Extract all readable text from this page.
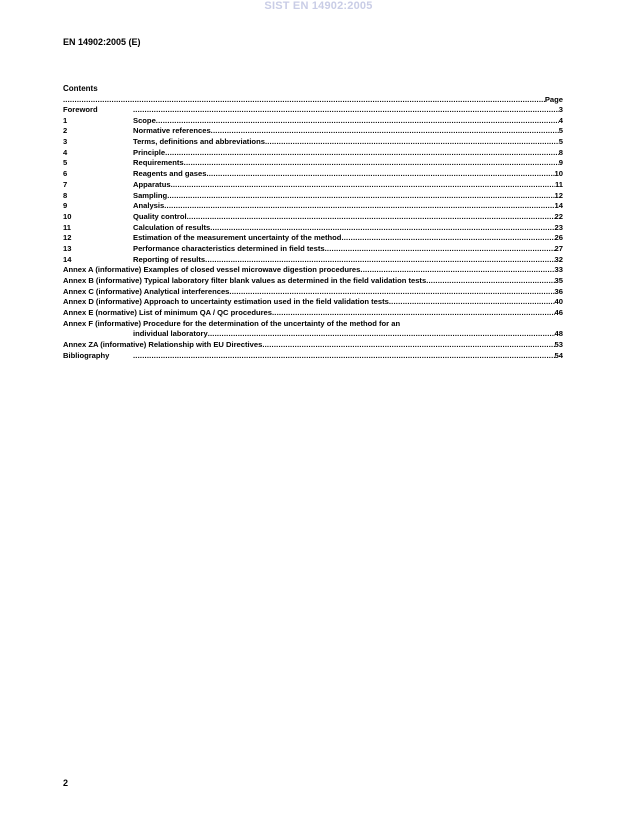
SIST EN 14902:2005
EN 14902:2005 (E)
Contents
.....
Page
Foreword .....	3
1	Scope .....	4
2	Normative references .....	5
3	Terms, definitions and abbreviations .....	5
4	Principle .....	8
5	Requirements .....	9
6	Reagents and gases .....	10
7	Apparatus .....	11
8	Sampling .....	12
9	Analysis .....	14
10	Quality control .....	22
11	Calculation of results .....	23
12	Estimation of the measurement uncertainty of the method .....	26
13	Performance characteristics determined in field tests .....	27
14	Reporting of results .....	32
Annex A (informative) Examples of closed vessel microwave digestion procedures .....	33
Annex B (informative) Typical laboratory filter blank values as determined in the field validation tests .....	35
Annex C (informative) Analytical interferences .....	36
Annex D (informative) Approach to uncertainty estimation used in the field validation tests .....	40
Annex E (normative) List of minimum QA / QC procedures .....	46
Annex F (informative) Procedure for the determination of the uncertainty of the method for an
individual laboratory .....	48
Annex ZA (informative) Relationship with EU Directives .....	53
Bibliography .....	54
2
